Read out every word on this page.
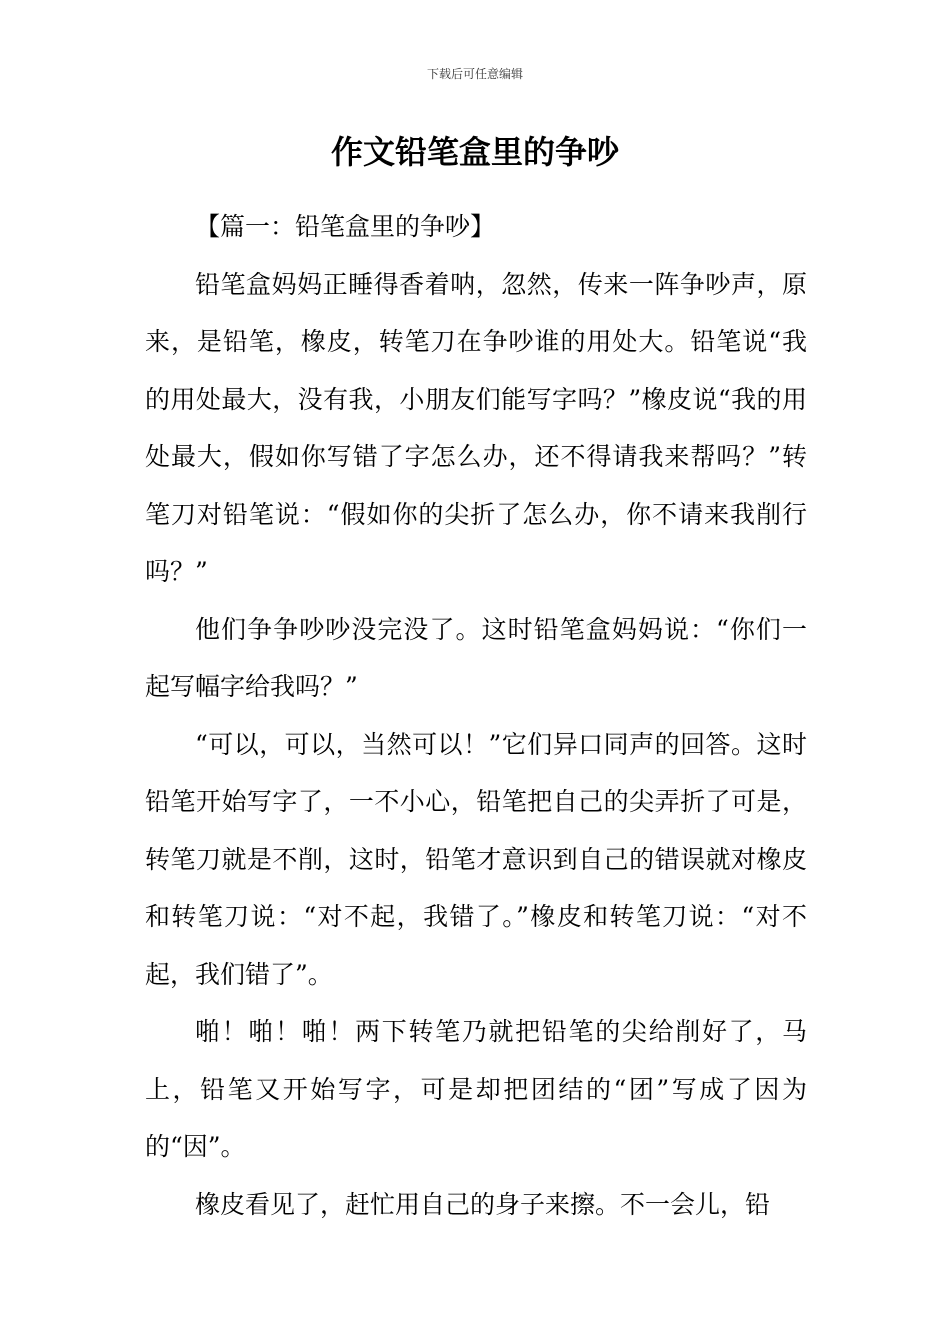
下载后可任意编辑
作文铅笔盒里的争吵

【篇一：铅笔盒里的争吵】

铅笔盒妈妈正睡得香着呐，忽然，传来一阵争吵声，原来，是铅笔，橡皮，转笔刀在争吵谁的用处大。铅笔说“我的用处最大，没有我，小朋友们能写字吗？”橡皮说“我的用处最大，假如你写错了字怎么办，还不得请我来帮吗？”转笔刀对铅笔说：“假如你的尖折了怎么办，你不请来我削行吗？”

他们争争吵吵没完没了。这时铅笔盒妈妈说：“你们一起写幅字给我吗？”

“可以，可以，当然可以！”它们异口同声的回答。这时铅笔开始写字了，一不小心，铅笔把自己的尖弄折了可是，转笔刀就是不削，这时，铅笔才意识到自己的错误就对橡皮和转笔刀说：“对不起，我错了。”橡皮和转笔刀说：“对不起，我们错了”。

啪！啪！啪！两下转笔乃就把铅笔的尖给削好了，马上，铅笔又开始写字，可是却把团结的“团”写成了因为的“因”。

橡皮看见了，赶忙用自己的身子来擦。不一会儿，铅
